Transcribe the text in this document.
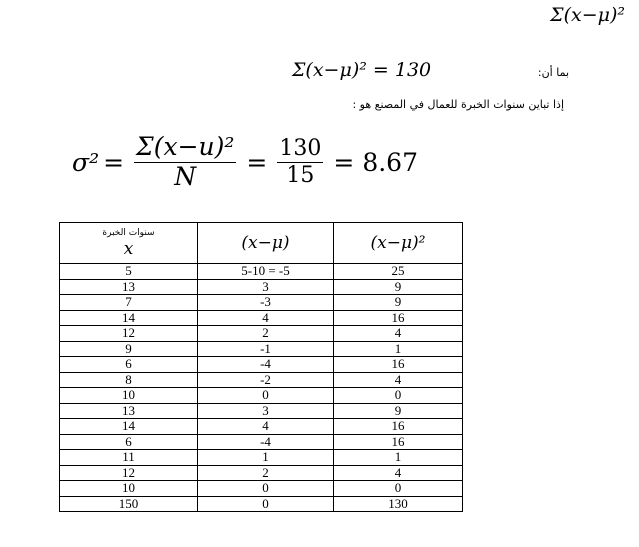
Σ(x−μ)²
Σ(x−μ)² = 130	بما أن:
إذا تباين سنوات الخبرة للعمال في المصنع هو :
$\sigma^2 = \frac{\text{Σ(x−u)²}}{N} = \frac{130}{15} = 8.67$
سنوات الخبرة
x	(x−μ)	(x−μ)²
5	5-10 = -5	25
13	3	9
7	-3	9
14	4	16
12	2	4
9	-1	1
6	-4	16
8	-2	4
10	0	0
13	3	9
14	4	16
6	-4	16
11	1	1
12	2	4
10	0	0
150	0	130
